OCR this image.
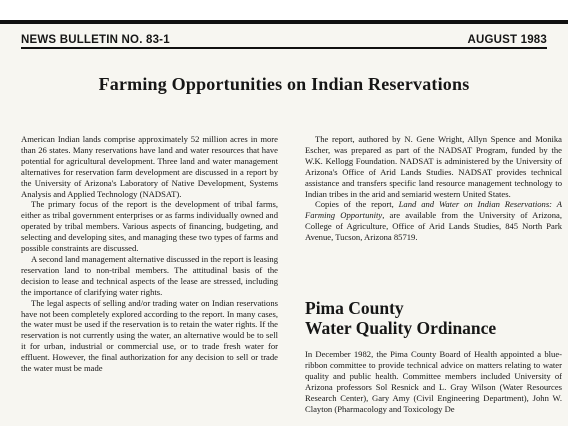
NEWS BULLETIN NO. 83-1	AUGUST 1983
Farming Opportunities on Indian Reservations

American Indian lands comprise approximately 52 million acres in more than 26 states. Many reservations have land and water resources that have potential for agricultural development. Three land and water management alternatives for reservation farm development are discussed in a report by the University of Arizona's Laboratory of Native Development, Systems Analysis and Applied Technology (NADSAT).

The primary focus of the report is the development of tribal farms, either as tribal government enterprises or as farms individually owned and operated by tribal members. Various aspects of financing, budgeting, and selecting and developing sites, and managing these two types of farms and possible constraints are discussed.

A second land management alternative discussed in the report is leasing reservation land to non-tribal members. The attitudinal basis of the decision to lease and technical aspects of the lease are stressed, including the importance of clarifying water rights.

The legal aspects of selling and/or trading water on Indian reservations have not been completely explored according to the report. In many cases, the water must be used if the reservation is to retain the water rights. If the reservation is not currently using the water, an alternative would be to sell it for urban, industrial or commercial use, or to trade fresh water for effluent. However, the final authorization for any decision to sell or trade the water must be made

The report, authored by N. Gene Wright, Allyn Spence and Monika Escher, was prepared as part of the NADSAT Program, funded by the W.K. Kellogg Foundation. NADSAT is administered by the University of Arizona's Office of Arid Lands Studies. NADSAT provides technical assistance and transfers specific land resource management technology to Indian tribes in the arid and semiarid western United States.

Copies of the report, Land and Water on Indian Reservations: A Farming Opportunity, are available from the University of Arizona, College of Agriculture, Office of Arid Lands Studies, 845 North Park Avenue, Tucson, Arizona 85719.

Pima County
Water Quality Ordinance

In December 1982, the Pima County Board of Health appointed a blue-ribbon committee to provide technical advice on matters relating to water quality and public health. Committee members included University of Arizona professors Sol Resnick and L. Gray Wilson (Water Resources Research Center), Gary Amy (Civil Engineering Department), John W. Clayton (Pharmacology and Toxicology De
